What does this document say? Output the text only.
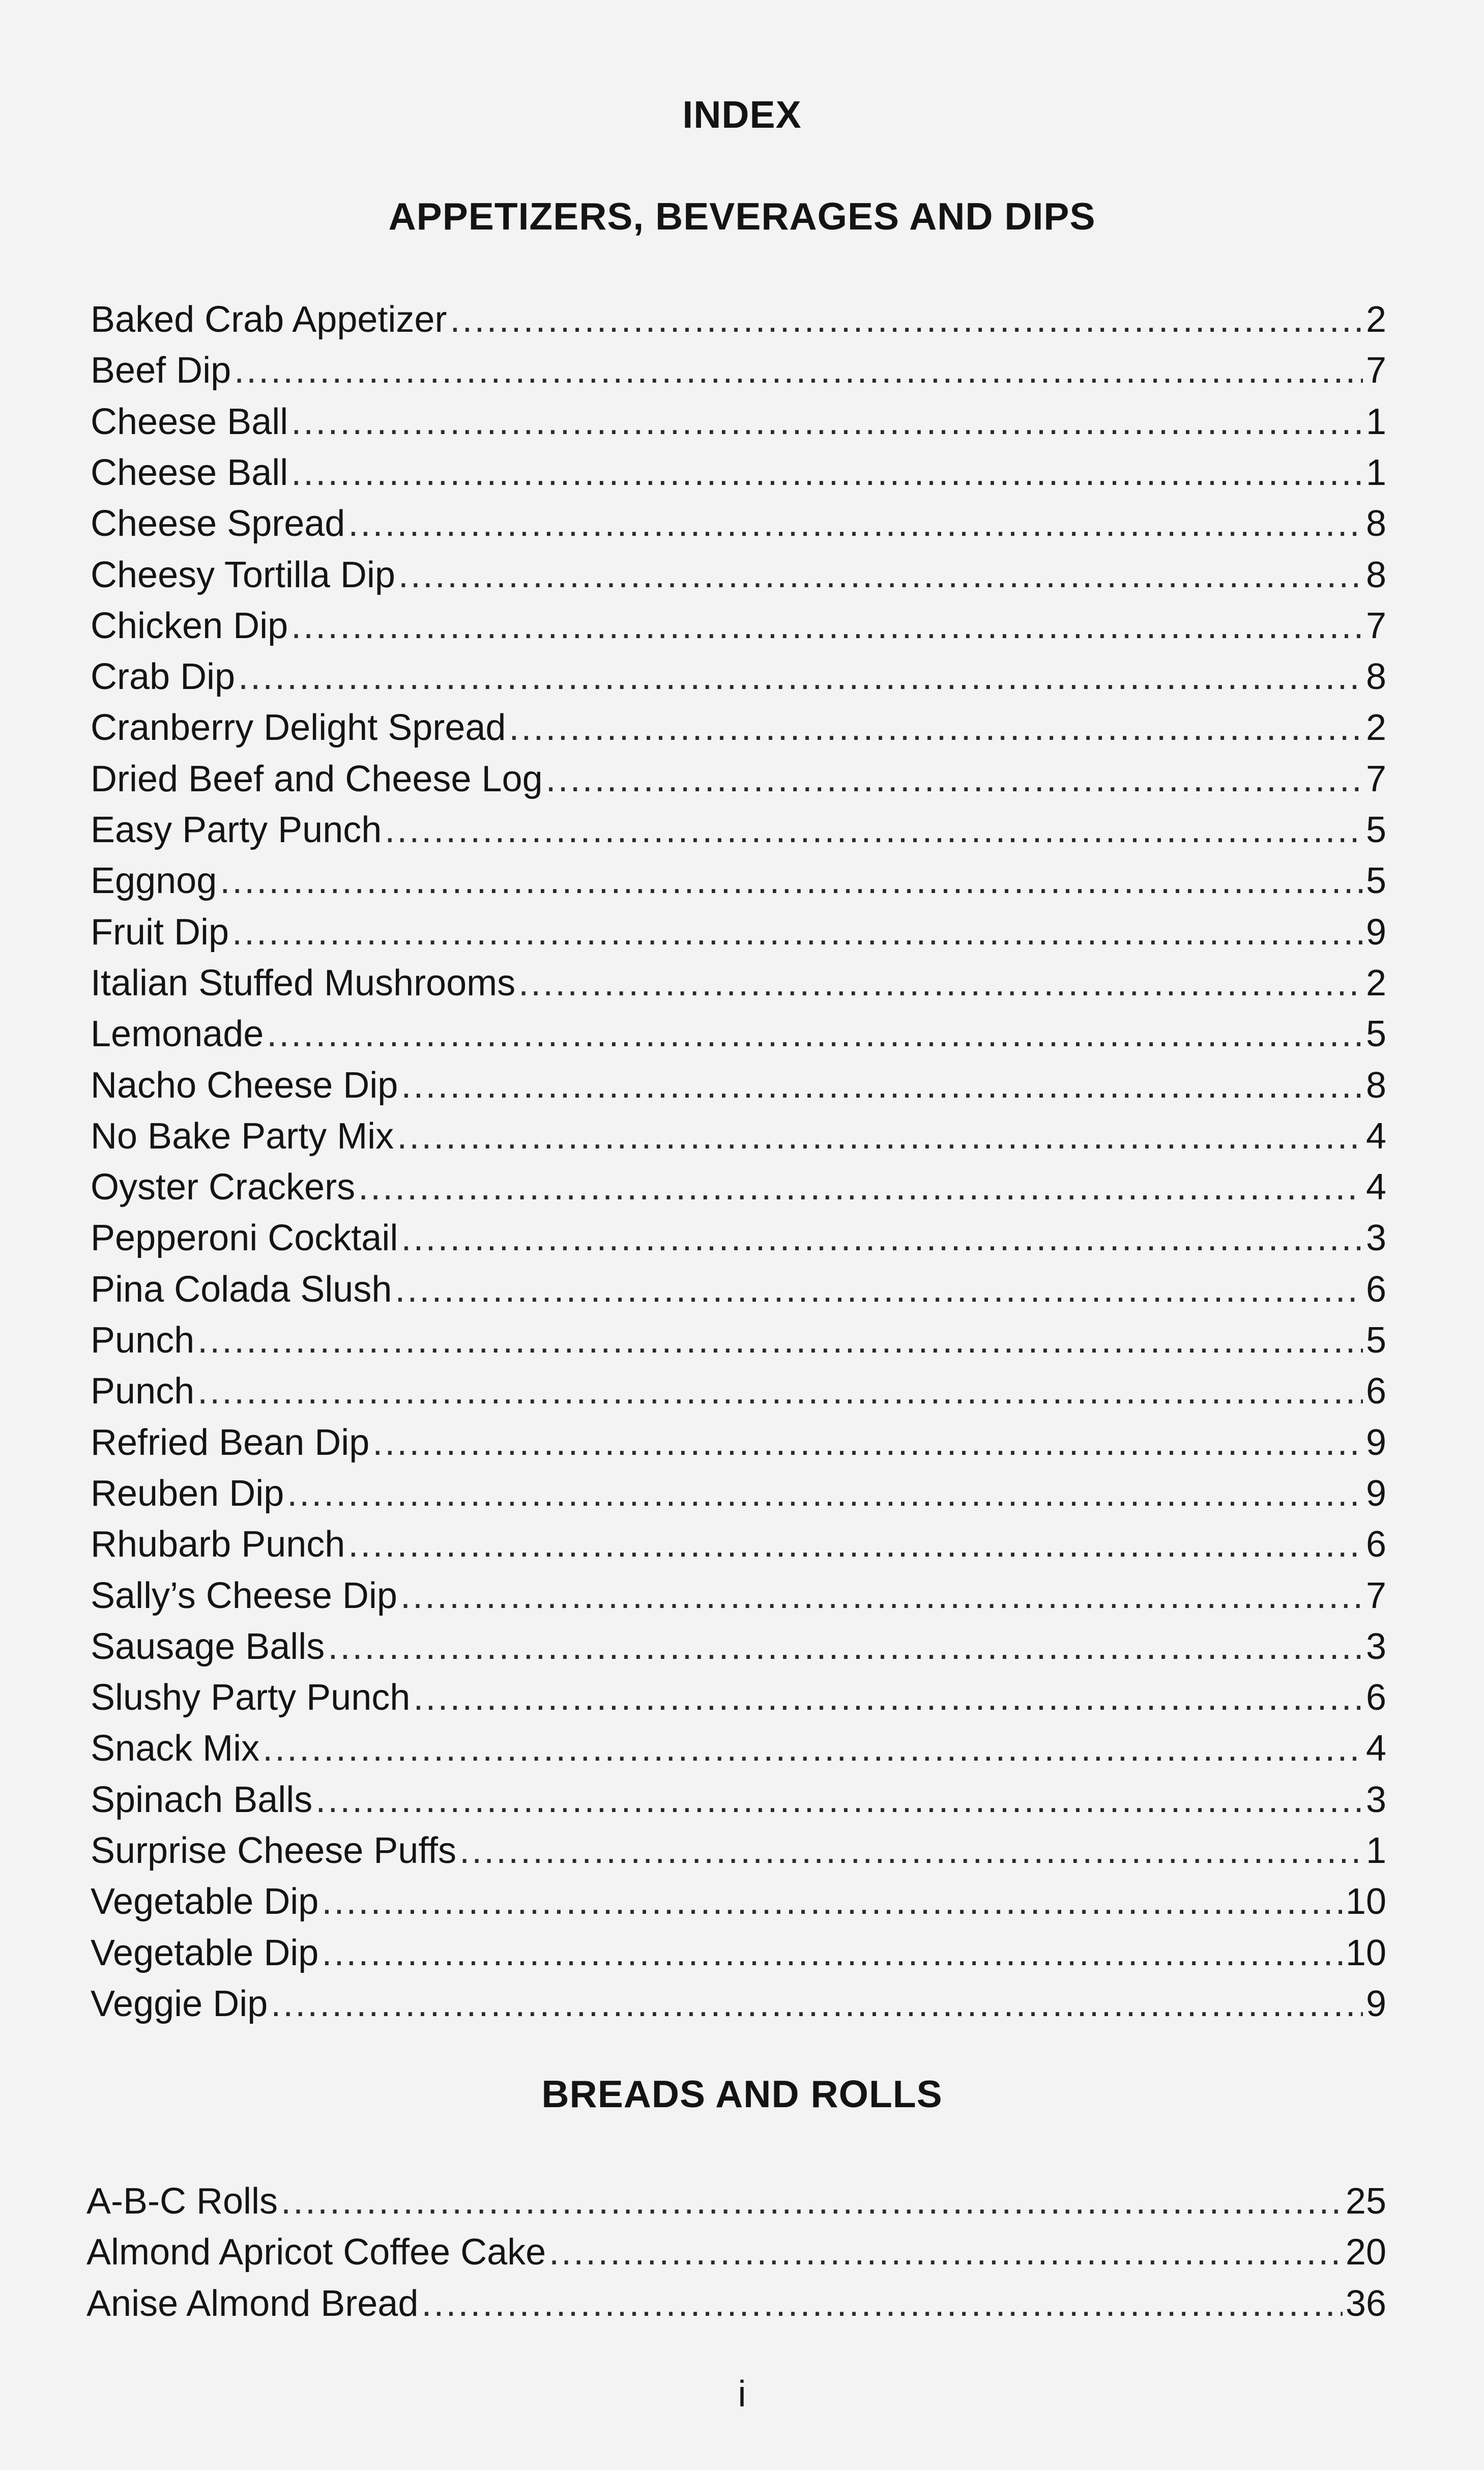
INDEX
APPETIZERS, BEVERAGES AND DIPS
Baked Crab Appetizer .....	2
Beef Dip .....	7
Cheese Ball .....	1
Cheese Ball .....	1
Cheese Spread .....	8
Cheesy Tortilla Dip .....	8
Chicken Dip .....	7
Crab Dip .....	8
Cranberry Delight Spread .....	2
Dried Beef and Cheese Log .....	7
Easy Party Punch .....	5
Eggnog .....	5
Fruit Dip .....	9
Italian Stuffed Mushrooms .....	2
Lemonade .....	5
Nacho Cheese Dip .....	8
No Bake Party Mix .....	4
Oyster Crackers .....	4
Pepperoni Cocktail .....	3
Pina Colada Slush .....	6
Punch .....	5
Punch .....	6
Refried Bean Dip .....	9
Reuben Dip .....	9
Rhubarb Punch .....	6
Sally’s Cheese Dip .....	7
Sausage Balls .....	3
Slushy Party Punch .....	6
Snack Mix .....	4
Spinach Balls .....	3
Surprise Cheese Puffs .....	1
Vegetable Dip .....	10
Vegetable Dip .....	10
Veggie Dip .....	9
BREADS AND ROLLS
A-B-C Rolls .....	25
Almond Apricot Coffee Cake .....	20
Anise Almond Bread .....	36
i
